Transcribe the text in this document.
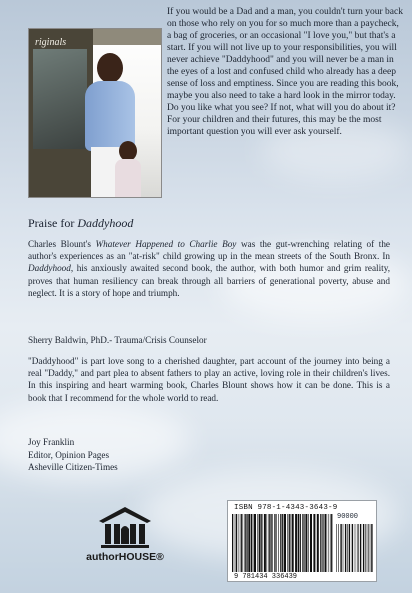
riginals

If you would be a Dad and a man, you couldn't turn your back on those who rely on you for so much more than a paycheck, a bag of groceries, or an occasional "I love you," but that's a start. If you will not live up to your responsibilities, you will never achieve "Daddyhood" and you will never be a man in the eyes of a lost and confused child who already has a deep sense of loss and emptiness. Since you are reading this book, maybe you also need to take a hard look in the mirror today. Do you like what you see? If not, what will you do about it? For your children and their futures, this may be the most important question you will ever ask yourself.

Praise for Daddyhood

Charles Blount's Whatever Happened to Charlie Boy was the gut-wrenching relating of the author's experiences as an "at-risk" child growing up in the mean streets of the South Bronx. In Daddyhood, his anxiously awaited second book, the author, with both humor and grim reality, proves that human resiliency can break through all barriers of generational poverty, abuse and neglect. It is a story of hope and triumph.

Sherry Baldwin, PhD.- Trauma/Crisis Counselor

"Daddyhood" is part love song to a cherished daughter, part account of the journey into being a real "Daddy," and part plea to absent fathers to play an active, loving role in their children's lives. In this inspiring and heart warming book, Charles Blount shows how it can be done. This is a book that I recommend for the whole world to read.

Joy Franklin
Editor, Opinion Pages
Asheville Citizen-Times
authorHOUSE®
ISBN 978-1-4343-3643-9
90000
9 781434 336439
